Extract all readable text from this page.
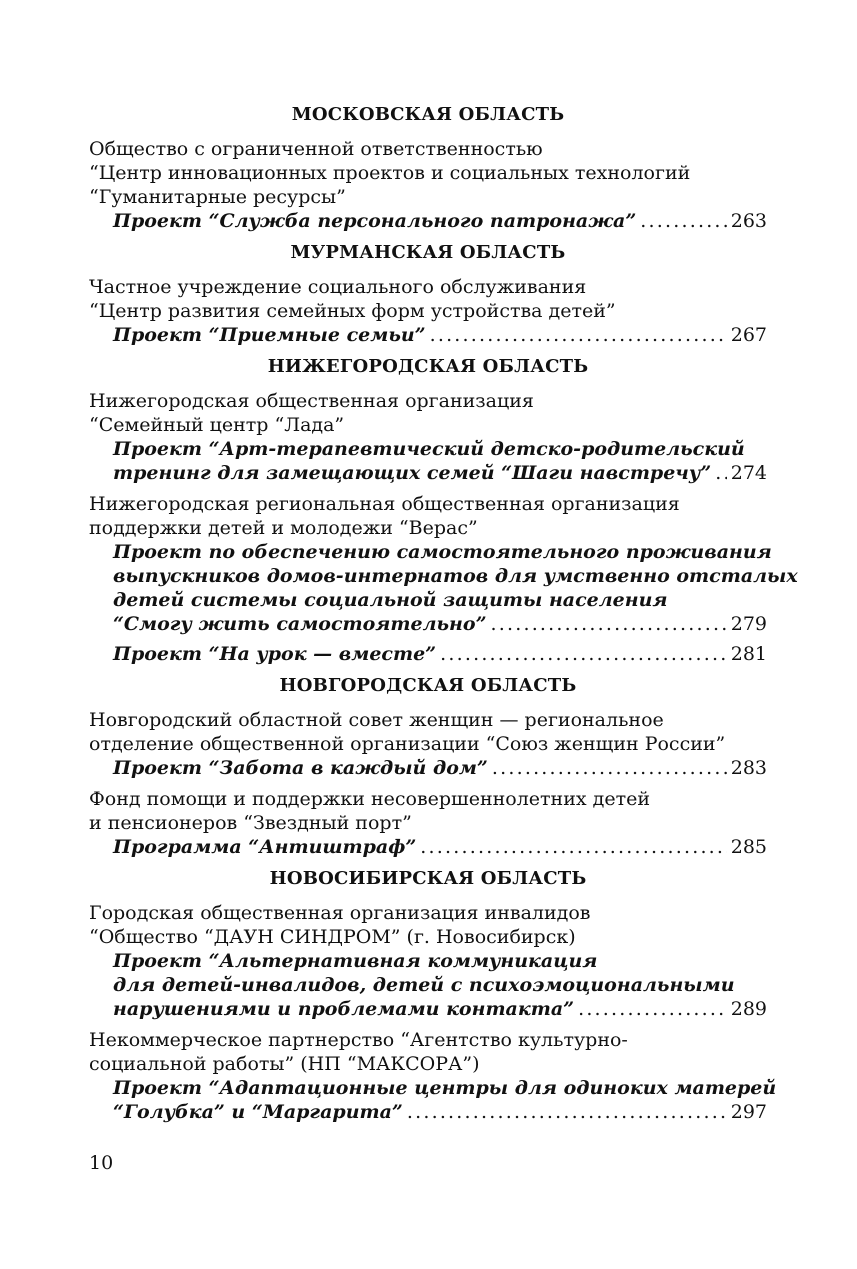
МОСКОВСКАЯ ОБЛАСТЬ
Общество с ограниченной ответственностью
“Центр инновационных проектов и социальных технологий
“Гуманитарные ресурсы”
Проект “Служба персонального патронажа” .....	263
МУРМАНСКАЯ ОБЛАСТЬ
Частное учреждение социального обслуживания
“Центр развития семейных форм устройства детей”
Проект “Приемные семьи” .....	267
НИЖЕГОРОДСКАЯ ОБЛАСТЬ
Нижегородская общественная организация
“Семейный центр “Лада”
Проект “Арт-терапевтический детско-родительский
тренинг для замещающих семей “Шаги навстречу” ..... 274
Нижегородская региональная общественная организация
поддержки детей и молодежи “Верас”
Проект по обеспечению самостоятельного проживания
выпускников домов-интернатов для умственно отсталых
детей системы социальной защиты населения
“Смогу жить самостоятельно” .....	279
Проект “На урок — вместе” .....	281
НОВГОРОДСКАЯ ОБЛАСТЬ
Новгородский областной совет женщин — региональное
отделение общественной организации “Союз женщин России”
Проект “Забота в каждый дом” .....	283
Фонд помощи и поддержки несовершеннолетних детей
и пенсионеров “Звездный порт”
Программа “Антиштраф” .....	285
НОВОСИБИРСКАЯ ОБЛАСТЬ
Городская общественная организация инвалидов
“Общество “ДАУН СИНДРОМ” (г. Новосибирск)
Проект “Альтернативная коммуникация
для детей-инвалидов, детей с психоэмоциональными
нарушениями и проблемами контакта” .....	289
Некоммерческое партнерство “Агентство культурно-
социальной работы” (НП “МАКСОРА”)
Проект “Адаптационные центры для одиноких матерей
“Голубка” и “Маргарита” .....	297
10
